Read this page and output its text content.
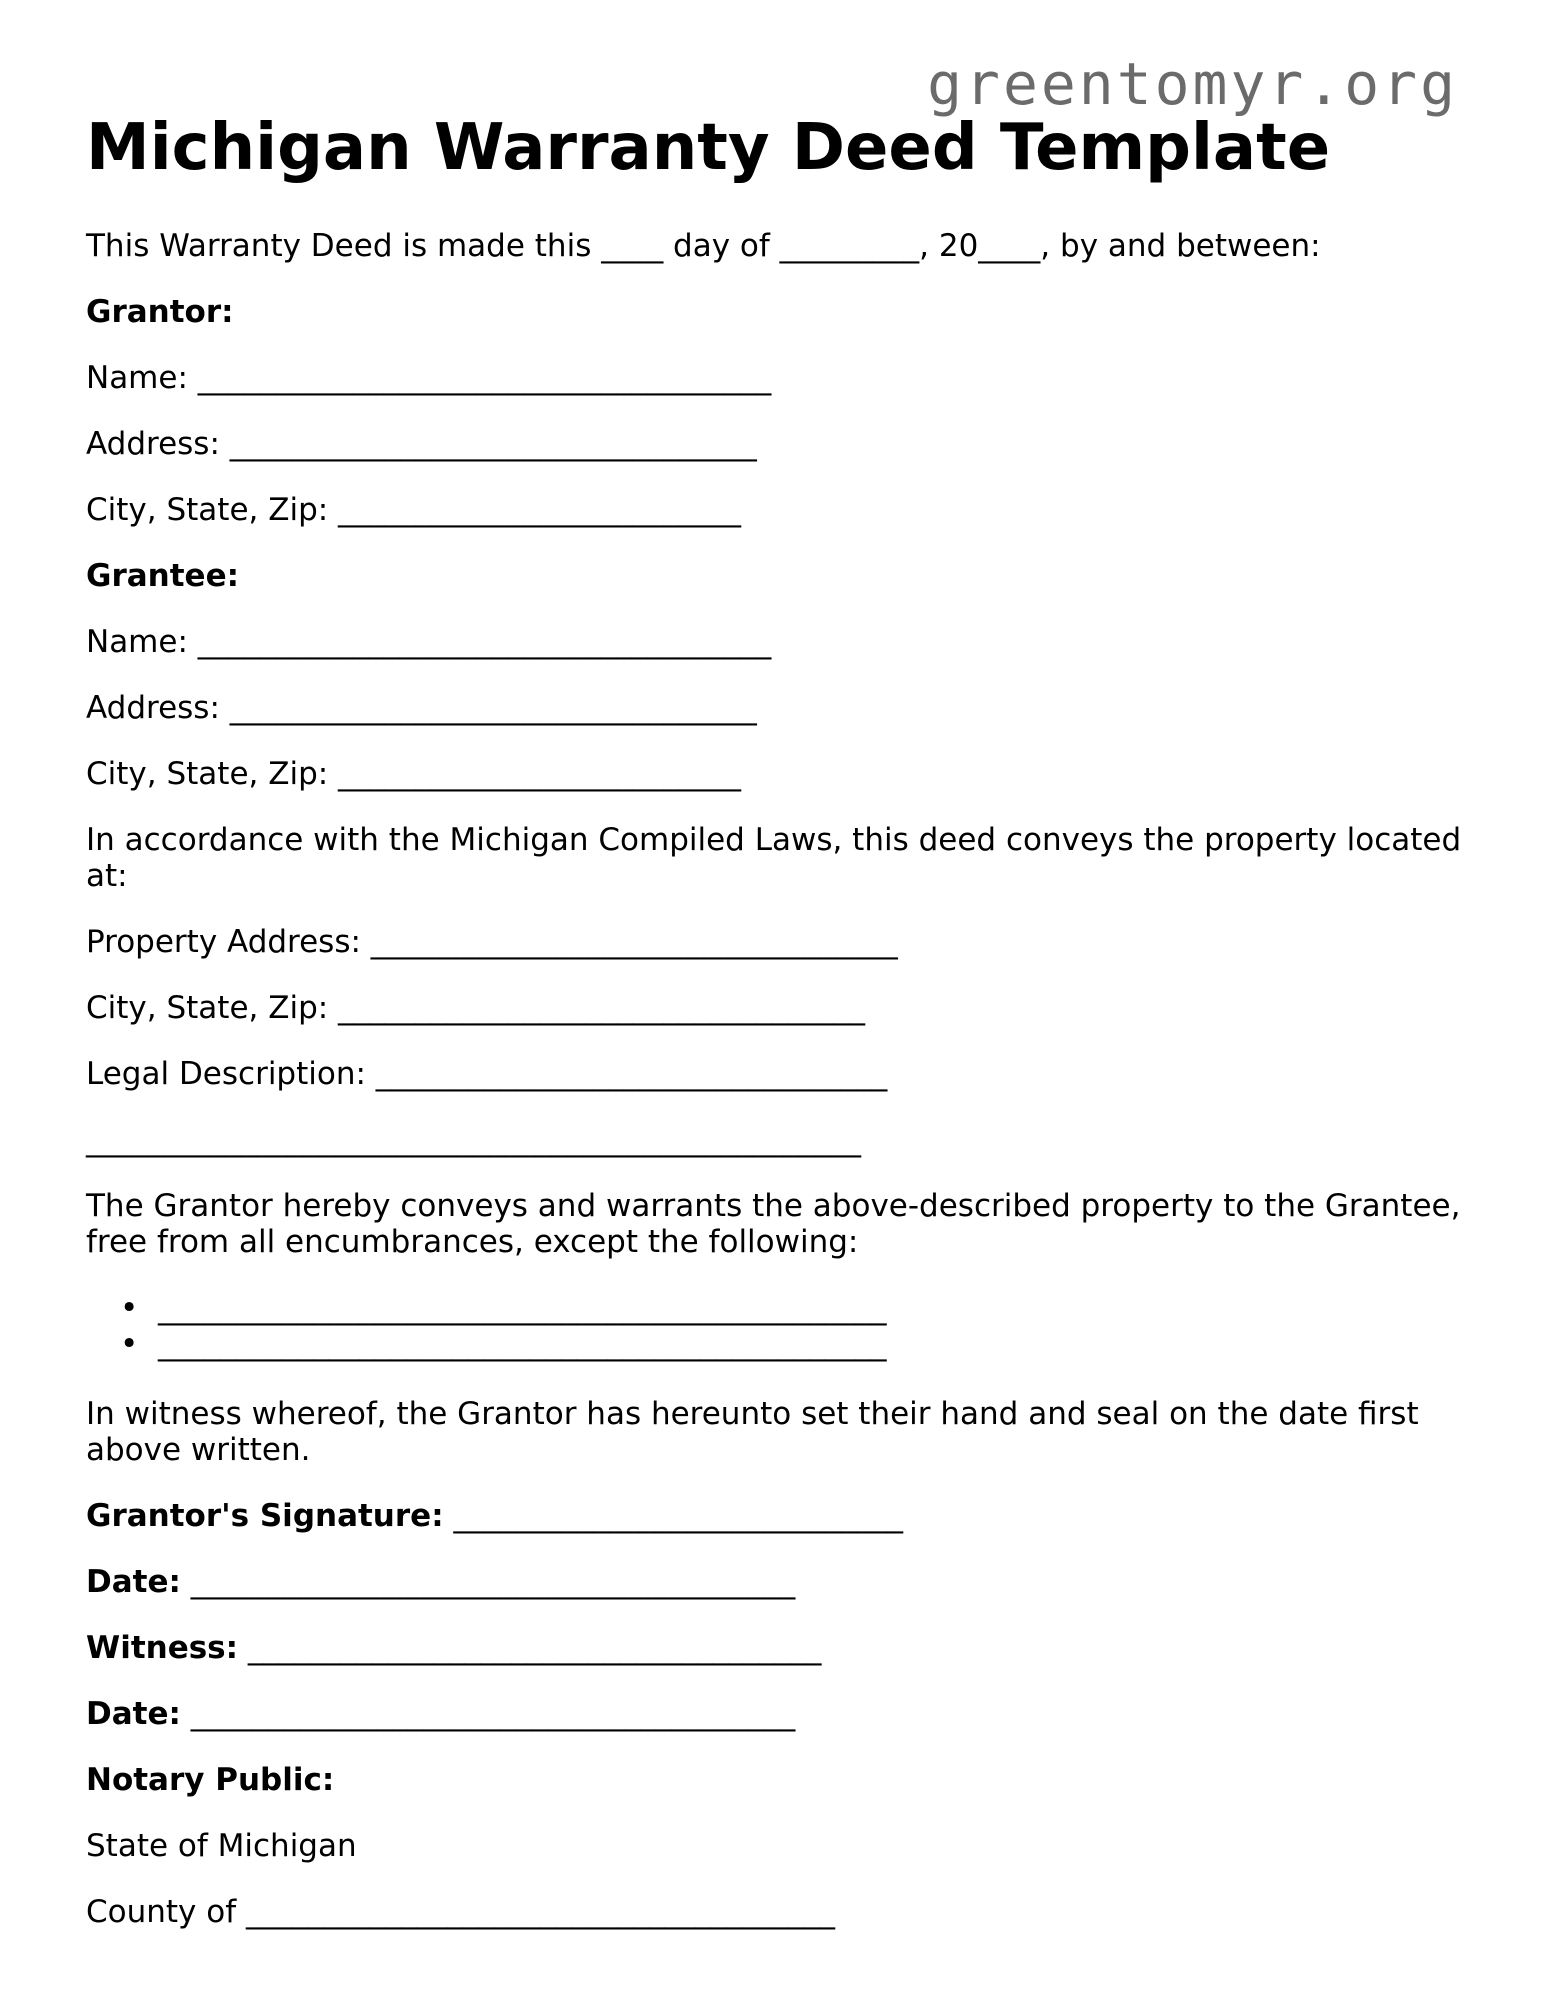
greentomyr.org
Michigan Warranty Deed Template

This Warranty Deed is made this ____ day of _________, 20____, by and between:

Grantor:

Name: _____________________________________

Address: __________________________________

City, State, Zip: __________________________

Grantee:

Name: _____________________________________

Address: __________________________________

City, State, Zip: __________________________

In accordance with the Michigan Compiled Laws, this deed conveys the property located at:

Property Address: __________________________________

City, State, Zip: __________________________________

Legal Description: _________________________________

__________________________________________________

The Grantor hereby conveys and warrants the above-described property to the Grantee, free from all encumbrances, except the following:

• _______________________________________________
• _______________________________________________

In witness whereof, the Grantor has hereunto set their hand and seal on the date first above written.

Grantor's Signature: _____________________________

Date: _______________________________________

Witness: _____________________________________

Date: _______________________________________

Notary Public:

State of Michigan

County of ______________________________________
